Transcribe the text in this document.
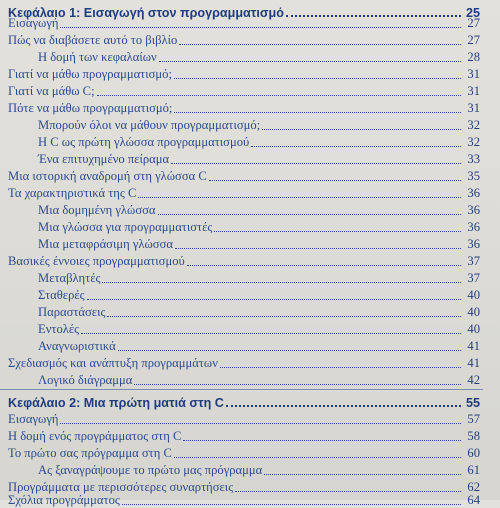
Κεφάλαιο 1: Εισαγωγή στον προγραμματισμό	25
Εισαγωγή	27
Πώς να διαβάσετε αυτό το βιβλίο	27
Η δομή των κεφαλαίων	28
Γιατί να μάθω προγραμματισμό;	31
Γιατί να μάθω C;	31
Πότε να μάθω προγραμματισμό;	31
Μπορούν όλοι να μάθουν προγραμματισμό;	32
Η C ως πρώτη γλώσσα προγραμματισμού	32
Ένα επιτυχημένο πείραμα	33
Μια ιστορική αναδρομή στη γλώσσα C	35
Τα χαρακτηριστικά της C	36
Μια δομημένη γλώσσα	36
Μια γλώσσα για προγραμματιστές	36
Μια μεταφράσιμη γλώσσα	36
Βασικές έννοιες προγραμματισμού	37
Μεταβλητές	37
Σταθερές	40
Παραστάσεις	40
Εντολές	40
Αναγνωριστικά	41
Σχεδιασμός και ανάπτυξη προγραμμάτων	41
Λογικό διάγραμμα	42
Κεφάλαιο 2: Μια πρώτη ματιά στη C	55
Εισαγωγή	57
Η δομή ενός προγράμματος στη C	58
Το πρώτο σας πρόγραμμα στη C	60
Ας ξαναγράψουμε το πρώτο μας πρόγραμμα	61
Προγράμματα με περισσότερες συναρτήσεις	62
Σχόλια προγράμματος	64
